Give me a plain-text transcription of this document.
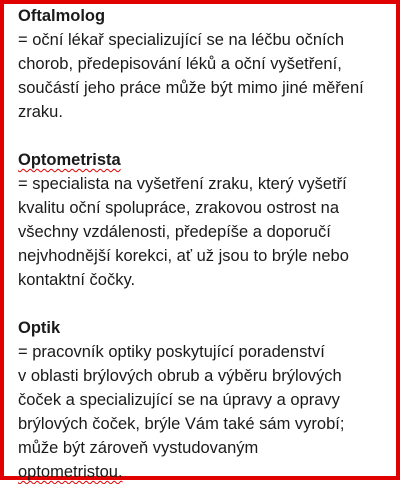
Oftalmolog
= oční lékař specializující se na léčbu očních
chorob, předepisování léků a oční vyšetření,
součástí jeho práce může být mimo jiné měření
zraku.
Optometrista
= specialista na vyšetření zraku, který vyšetří
kvalitu oční spolupráce, zrakovou ostrost na
všechny vzdálenosti, předepíše a doporučí
nejvhodnější korekci, ať už jsou to brýle nebo
kontaktní čočky.
Optik
= pracovník optiky poskytující poradenství
v oblasti brýlových obrub a výběru brýlových
čoček a specializující se na úpravy a opravy
brýlových čoček, brýle Vám také sám vyrobí;
může být zároveň vystudovaným
optometristou.
